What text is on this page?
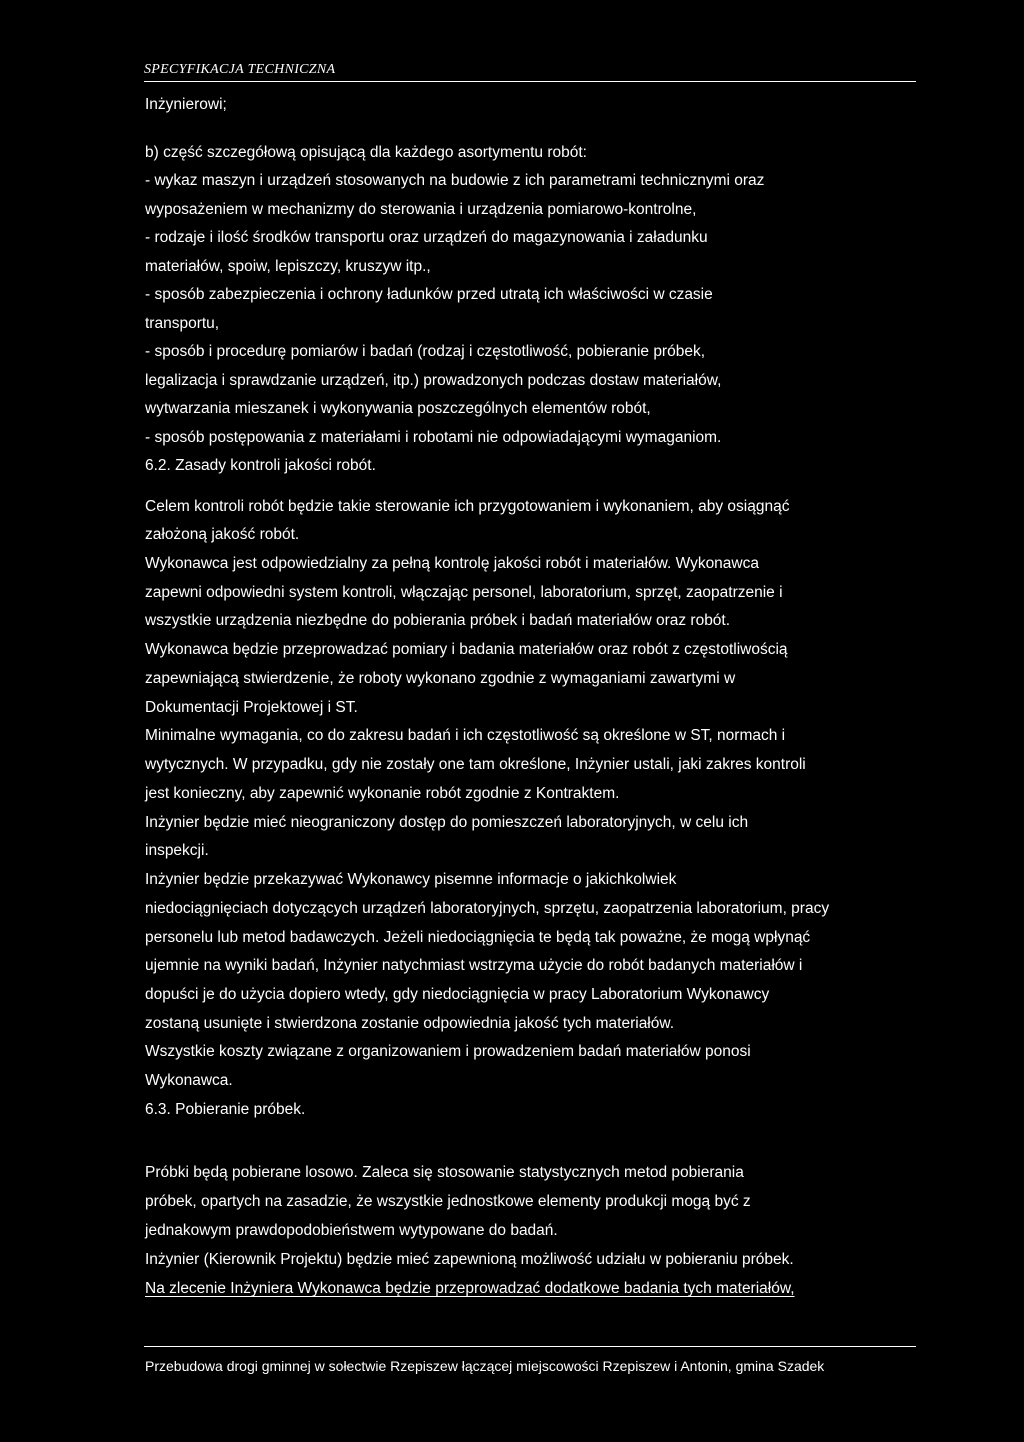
SPECYFIKACJA TECHNICZNA
Inżynierowi;
b) część szczegółową opisującą dla każdego asortymentu robót:
- wykaz maszyn i urządzeń stosowanych na budowie z ich parametrami technicznymi oraz
wyposażeniem w mechanizmy do sterowania i urządzenia pomiarowo-kontrolne,
- rodzaje i ilość środków transportu oraz urządzeń do magazynowania i załadunku
materiałów, spoiw, lepiszczy, kruszyw itp.,
- sposób zabezpieczenia i ochrony ładunków przed utratą ich właściwości w czasie
transportu,
- sposób i procedurę pomiarów i badań (rodzaj i częstotliwość, pobieranie próbek,
legalizacja i sprawdzanie urządzeń, itp.) prowadzonych podczas dostaw materiałów,
wytwarzania mieszanek i wykonywania poszczególnych elementów robót,
- sposób postępowania z materiałami i robotami nie odpowiadającymi wymaganiom.
6.2. Zasady kontroli jakości robót.
Celem kontroli robót będzie takie sterowanie ich przygotowaniem i wykonaniem, aby osiągnąć
założoną jakość robót.
Wykonawca jest odpowiedzialny za pełną kontrolę jakości robót i materiałów. Wykonawca
zapewni odpowiedni system kontroli, włączając personel, laboratorium, sprzęt, zaopatrzenie i
wszystkie urządzenia niezbędne do pobierania próbek i badań materiałów oraz robót.
Wykonawca będzie przeprowadzać pomiary i badania materiałów oraz robót z częstotliwością
zapewniającą stwierdzenie, że roboty wykonano zgodnie z wymaganiami zawartymi w
Dokumentacji Projektowej i ST.
Minimalne wymagania, co do zakresu badań i ich częstotliwość są określone w ST, normach i
wytycznych. W przypadku, gdy nie zostały one tam określone, Inżynier ustali, jaki zakres kontroli
jest konieczny, aby zapewnić wykonanie robót zgodnie z Kontraktem.
Inżynier będzie mieć nieograniczony dostęp do pomieszczeń laboratoryjnych, w celu ich
inspekcji.
Inżynier będzie przekazywać Wykonawcy pisemne informacje o jakichkolwiek
niedociągnięciach dotyczących urządzeń laboratoryjnych, sprzętu, zaopatrzenia laboratorium, pracy
personelu lub metod badawczych. Jeżeli niedociągnięcia te będą tak poważne, że mogą wpłynąć
ujemnie na wyniki badań, Inżynier natychmiast wstrzyma użycie do robót badanych materiałów i
dopuści je do użycia dopiero wtedy, gdy niedociągnięcia w pracy Laboratorium Wykonawcy
zostaną usunięte i stwierdzona zostanie odpowiednia jakość tych materiałów.
Wszystkie koszty związane z organizowaniem i prowadzeniem badań materiałów ponosi
Wykonawca.
6.3. Pobieranie próbek.
Próbki będą pobierane losowo. Zaleca się stosowanie statystycznych metod pobierania
próbek, opartych na zasadzie, że wszystkie jednostkowe elementy produkcji mogą być z
jednakowym prawdopodobieństwem wytypowane do badań.
Inżynier (Kierownik Projektu) będzie mieć zapewnioną możliwość udziału w pobieraniu próbek.
Na zlecenie Inżyniera Wykonawca będzie przeprowadzać dodatkowe badania tych materiałów,
Przebudowa drogi gminnej w sołectwie Rzepiszew łączącej miejscowości Rzepiszew i Antonin, gmina Szadek
